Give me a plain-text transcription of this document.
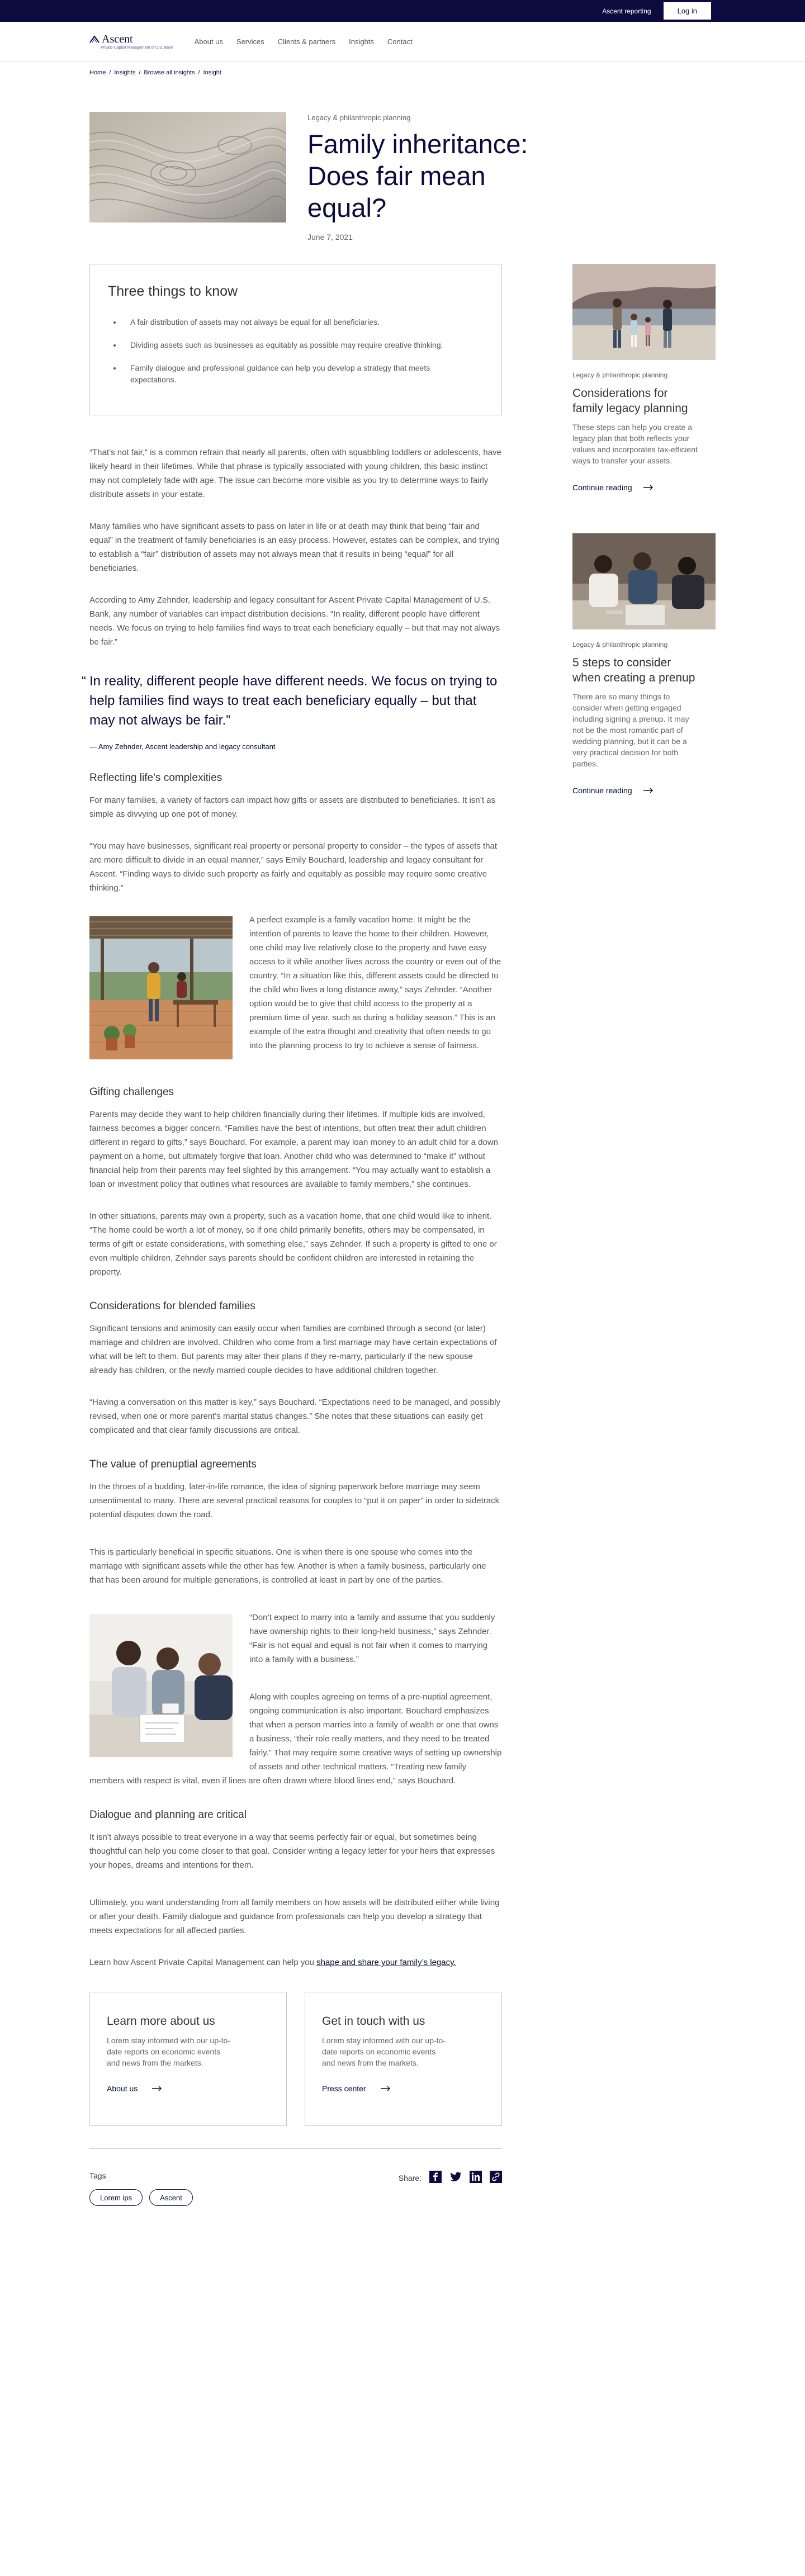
Ascent reporting	Log in
Ascent
Private Capital Management of U.S. Bank
About us Services Clients & partners Insights Contact
Home / Insights / Browse all insights / Insight
Legacy & philanthropic planning
Family inheritance: Does fair mean equal?
June 7, 2021
Three things to know
A fair distribution of assets may not always be equal for all beneficiaries.
Dividing assets such as businesses as equitably as possible may require creative thinking.
Family dialogue and professional guidance can help you develop a strategy that meets expectations.

“That’s not fair,” is a common refrain that nearly all parents, often with squabbling toddlers or adolescents, have likely heard in their lifetimes. While that phrase is typically associated with young children, this basic instinct may not completely fade with age. The issue can become more visible as you try to determine ways to fairly distribute assets in your estate.

Many families who have significant assets to pass on later in life or at death may think that being “fair and equal” in the treatment of family beneficiaries is an easy process. However, estates can be complex, and trying to establish a “fair” distribution of assets may not always mean that it results in being “equal” for all beneficiaries.

According to Amy Zehnder, leadership and legacy consultant for Ascent Private Capital Management of U.S. Bank, any number of variables can impact distribution decisions. “In reality, different people have different needs. We focus on trying to help families find ways to treat each beneficiary equally – but that may not always be fair.”

“ In reality, different people have different needs. We focus on trying to help families find ways to treat each beneficiary equally – but that may not always be fair.”
— Amy Zehnder, Ascent leadership and legacy consultant
Reflecting life’s complexities

For many families, a variety of factors can impact how gifts or assets are distributed to beneficiaries. It isn’t as simple as divvying up one pot of money.

“You may have businesses, significant real property or personal property to consider – the types of assets that are more difficult to divide in an equal manner,” says Emily Bouchard, leadership and legacy consultant for Ascent. “Finding ways to divide such property as fairly and equitably as possible may require some creative thinking.”

A perfect example is a family vacation home. It might be the intention of parents to leave the home to their children. However, one child may live relatively close to the property and have easy access to it while another lives across the country or even out of the country. “In a situation like this, different assets could be directed to the child who lives a long distance away,” says Zehnder. “Another option would be to give that child access to the property at a premium time of year, such as during a holiday season.” This is an example of the extra thought and creativity that often needs to go into the planning process to try to achieve a sense of fairness.

Gifting challenges

Parents may decide they want to help children financially during their lifetimes. If multiple kids are involved, fairness becomes a bigger concern. “Families have the best of intentions, but often treat their adult children different in regard to gifts,” says Bouchard. For example, a parent may loan money to an adult child for a down payment on a home, but ultimately forgive that loan. Another child who was determined to “make it” without financial help from their parents may feel slighted by this arrangement. “You may actually want to establish a loan or investment policy that outlines what resources are available to family members,” she continues.

In other situations, parents may own a property, such as a vacation home, that one child would like to inherit. “The home could be worth a lot of money, so if one child primarily benefits, others may be compensated, in terms of gift or estate considerations, with something else,” says Zehnder. If such a property is gifted to one or even multiple children, Zehnder says parents should be confident children are interested in retaining the property.

Considerations for blended families

Significant tensions and animosity can easily occur when families are combined through a second (or later) marriage and children are involved. Children who come from a first marriage may have certain expectations of what will be left to them. But parents may alter their plans if they re-marry, particularly if the new spouse already has children, or the newly married couple decides to have additional children together.

“Having a conversation on this matter is key,” says Bouchard. “Expectations need to be managed, and possibly revised, when one or more parent’s marital status changes.” She notes that these situations can easily get complicated and that clear family discussions are critical.

The value of prenuptial agreements

In the throes of a budding, later-in-life romance, the idea of signing paperwork before marriage may seem unsentimental to many. There are several practical reasons for couples to “put it on paper” in order to sidetrack potential disputes down the road.

This is particularly beneficial in specific situations. One is when there is one spouse who comes into the marriage with significant assets while the other has few. Another is when a family business, particularly one that has been around for multiple generations, is controlled at least in part by one of the parties.

“Don’t expect to marry into a family and assume that you suddenly have ownership rights to their long-held business,” says Zehnder. “Fair is not equal and equal is not fair when it comes to marrying into a family with a business.”

Along with couples agreeing on terms of a pre-nuptial agreement, ongoing communication is also important. Bouchard emphasizes that when a person marries into a family of wealth or one that owns a business, “their role really matters, and they need to be treated fairly.” That may require some creative ways of setting up ownership of assets and other technical matters. “Treating new family members with respect is vital, even if lines are often drawn where blood lines end,” says Bouchard.

Dialogue and planning are critical

It isn’t always possible to treat everyone in a way that seems perfectly fair or equal, but sometimes being thoughtful can help you come closer to that goal. Consider writing a legacy letter for your heirs that expresses your hopes, dreams and intentions for them.

Ultimately, you want understanding from all family members on how assets will be distributed either while living or after your death. Family dialogue and guidance from professionals can help you develop a strategy that meets expectations for all affected parties.

Learn how Ascent Private Capital Management can help you shape and share your family’s legacy.

Learn more about us

Lorem stay informed with our up-to-date reports on economic events and news from the markets.

About us
Get in touch with us

Lorem stay informed with our up-to-date reports on economic events and news from the markets.

Press center
Tags
Lorem ips	Ascent
Share:
Legacy & philanthropic planning
Considerations for family legacy planning

These steps can help you create a legacy plan that both reflects your values and incorporates tax-efficient ways to transfer your assets.

Continue reading
Legacy & philanthropic planning
5 steps to consider when creating a prenup

There are so many things to consider when getting engaged including signing a prenup. It may not be the most romantic part of wedding planning, but it can be a very practical decision for both parties.

Continue reading
